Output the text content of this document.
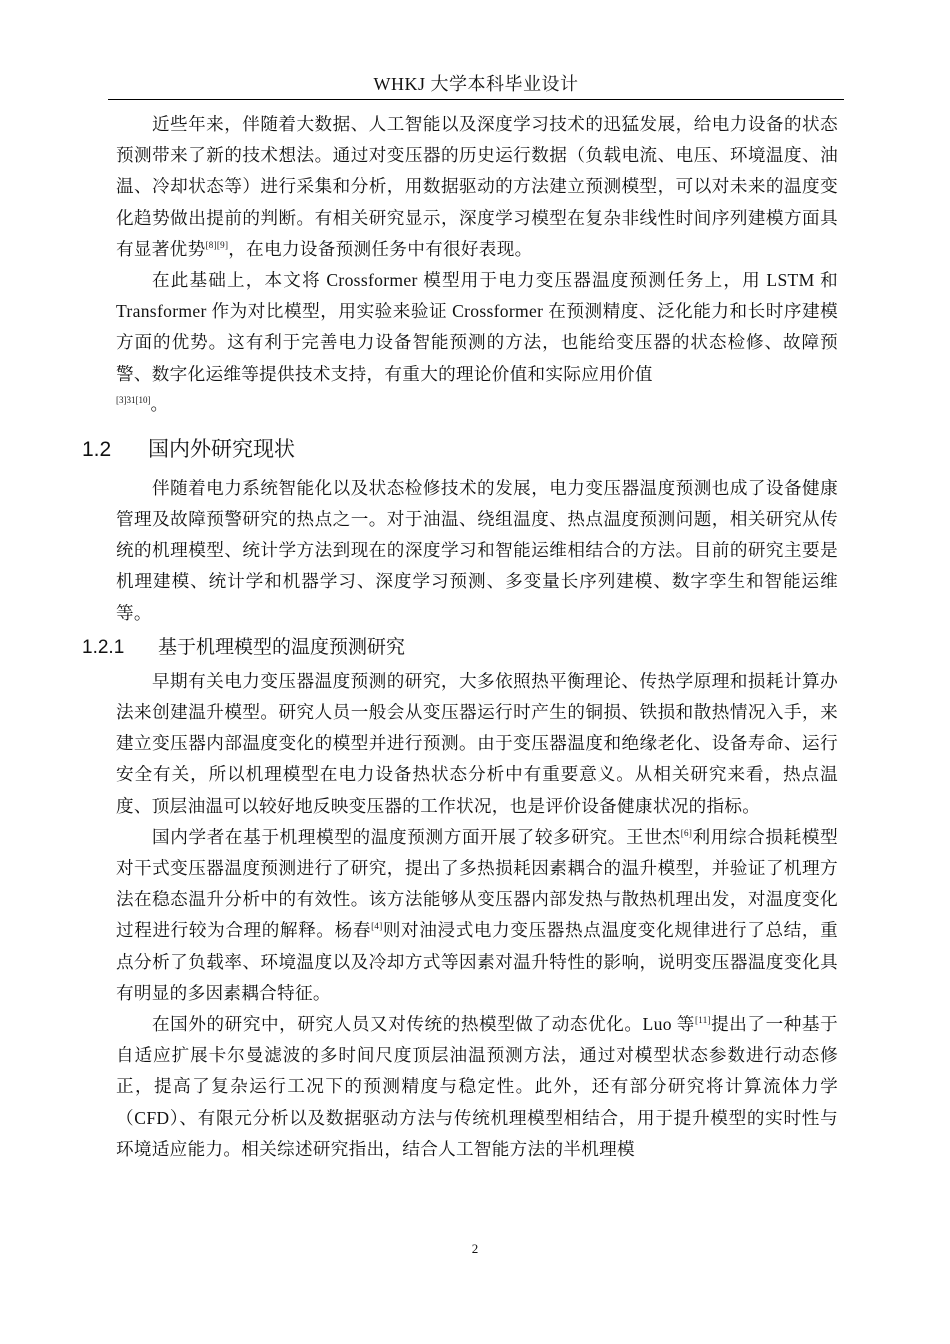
WHKJ 大学本科毕业设计

近些年来，伴随着大数据、人工智能以及深度学习技术的迅猛发展，给电力设备的状态预测带来了新的技术想法。通过对变压器的历史运行数据（负载电流、电压、环境温度、油温、冷却状态等）进行采集和分析，用数据驱动的方法建立预测模型，可以对未来的温度变化趋势做出提前的判断。有相关研究显示，深度学习模型在复杂非线性时间序列建模方面具有显著优势[8][9]，在电力设备预测任务中有很好表现。

在此基础上，本文将 Crossformer 模型用于电力变压器温度预测任务上，用 LSTM 和 Transformer 作为对比模型，用实验来验证 Crossformer 在预测精度、泛化能力和长时序建模方面的优势。这有利于完善电力设备智能预测的方法，也能给变压器的状态检修、故障预警、数字化运维等提供技术支持，有重大的理论价值和实际应用价值

[3]31[10]。

1.2	国内外研究现状

伴随着电力系统智能化以及状态检修技术的发展，电力变压器温度预测也成了设备健康管理及故障预警研究的热点之一。对于油温、绕组温度、热点温度预测问题，相关研究从传统的机理模型、统计学方法到现在的深度学习和智能运维相结合的方法。目前的研究主要是机理建模、统计学和机器学习、深度学习预测、多变量长序列建模、数字孪生和智能运维等。

1.2.1	基于机理模型的温度预测研究

早期有关电力变压器温度预测的研究，大多依照热平衡理论、传热学原理和损耗计算办法来创建温升模型。研究人员一般会从变压器运行时产生的铜损、铁损和散热情况入手，来建立变压器内部温度变化的模型并进行预测。由于变压器温度和绝缘老化、设备寿命、运行安全有关，所以机理模型在电力设备热状态分析中有重要意义。从相关研究来看，热点温度、顶层油温可以较好地反映变压器的工作状况，也是评价设备健康状况的指标。

国内学者在基于机理模型的温度预测方面开展了较多研究。王世杰[6]利用综合损耗模型对干式变压器温度预测进行了研究，提出了多热损耗因素耦合的温升模型，并验证了机理方法在稳态温升分析中的有效性。该方法能够从变压器内部发热与散热机理出发，对温度变化过程进行较为合理的解释。杨春[4]则对油浸式电力变压器热点温度变化规律进行了总结，重点分析了负载率、环境温度以及冷却方式等因素对温升特性的影响，说明变压器温度变化具有明显的多因素耦合特征。

在国外的研究中，研究人员又对传统的热模型做了动态优化。Luo 等[11]提出了一种基于自适应扩展卡尔曼滤波的多时间尺度顶层油温预测方法，通过对模型状态参数进行动态修正，提高了复杂运行工况下的预测精度与稳定性。此外，还有部分研究将计算流体力学（CFD）、有限元分析以及数据驱动方法与传统机理模型相结合，用于提升模型的实时性与环境适应能力。相关综述研究指出，结合人工智能方法的半机理模

2
